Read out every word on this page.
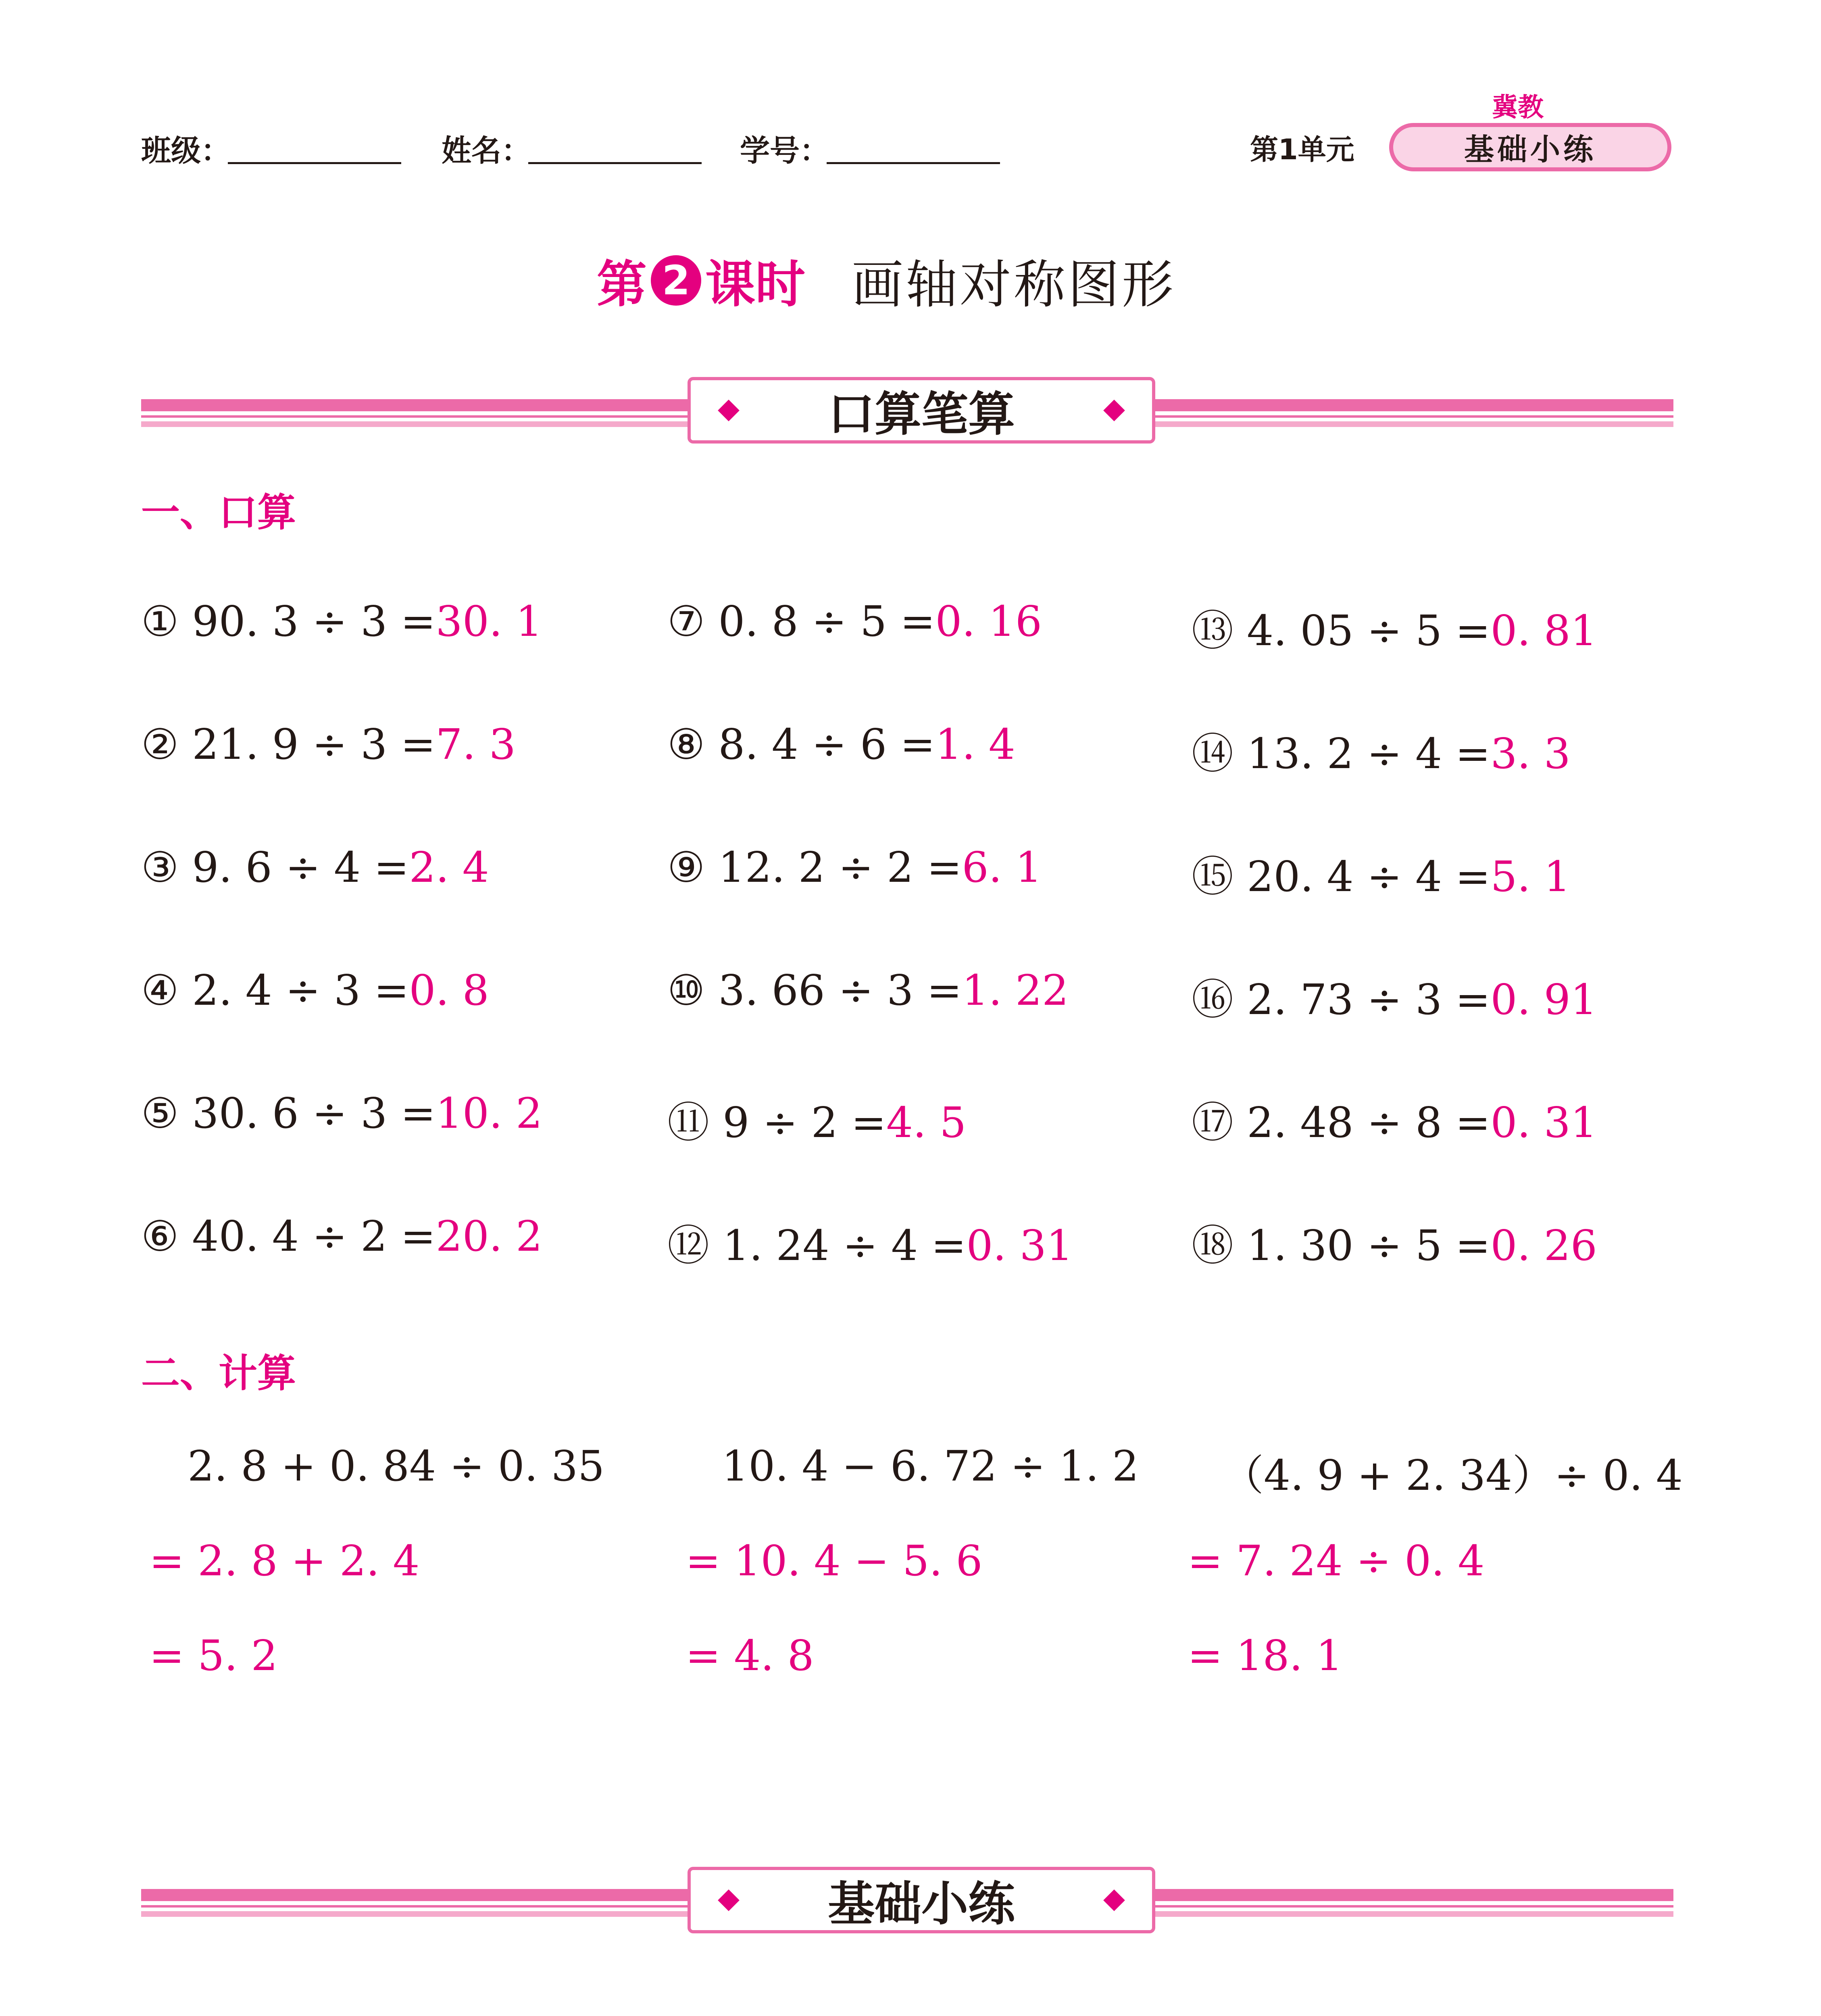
班级：	姓名：	学号：	第1单元
冀教
基础小练
第 2 课时 画轴对称图形
口算笔算
一、口算
① 90. 3 ÷ 3 =30. 1
② 21. 9 ÷ 3 =7. 3
③ 9. 6 ÷ 4 =2. 4
④ 2. 4 ÷ 3 =0. 8
⑤ 30. 6 ÷ 3 =10. 2
⑥ 40. 4 ÷ 2 =20. 2
⑦ 0. 8 ÷ 5 =0. 16
⑧ 8. 4 ÷ 6 =1. 4
⑨ 12. 2 ÷ 2 =6. 1
⑩ 3. 66 ÷ 3 =1. 22
⑪ 9 ÷ 2 =4. 5
⑫ 1. 24 ÷ 4 =0. 31
⑬ 4. 05 ÷ 5 =0. 81
⑭ 13. 2 ÷ 4 =3. 3
⑮ 20. 4 ÷ 4 =5. 1
⑯ 2. 73 ÷ 3 =0. 91
⑰ 2. 48 ÷ 8 =0. 31
⑱ 1. 30 ÷ 5 =0. 26
二、计算
2. 8 + 0. 84 ÷ 0. 35
= 2. 8 + 2. 4
= 5. 2
10. 4 − 6. 72 ÷ 1. 2
= 10. 4 − 5. 6
= 4. 8
（4. 9 + 2. 34）÷ 0. 4
= 7. 24 ÷ 0. 4
= 18. 1
基础小练
